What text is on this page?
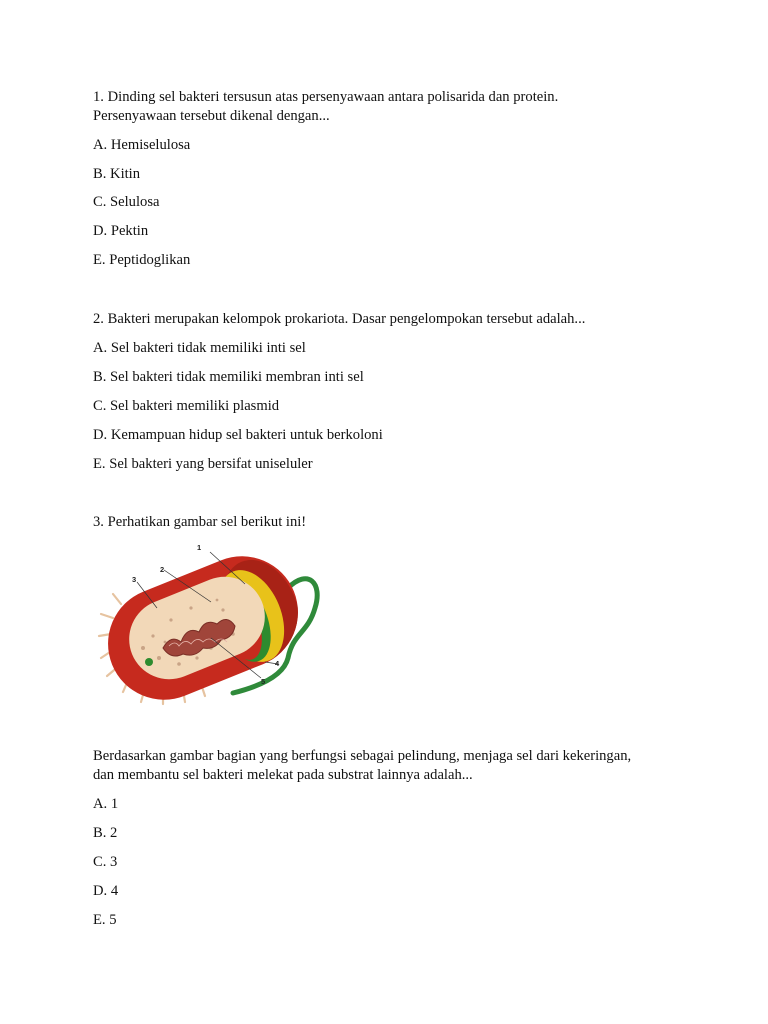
1. Dinding sel bakteri tersusun atas persenyawaan antara polisarida dan protein.
Persenyawaan tersebut dikenal dengan...
A. Hemiselulosa
B. Kitin
C. Selulosa
D. Pektin
E. Peptidoglikan
2. Bakteri merupakan kelompok prokariota. Dasar pengelompokan tersebut adalah...
A. Sel bakteri tidak memiliki inti sel
B. Sel bakteri tidak memiliki membran inti sel
C. Sel bakteri memiliki plasmid
D. Kemampuan hidup sel bakteri untuk berkoloni
E. Sel bakteri yang bersifat uniseluler
3. Perhatikan gambar sel berikut ini!
1
2
3
4
5
Berdasarkan gambar bagian yang berfungsi sebagai pelindung, menjaga sel dari kekeringan,
dan membantu sel bakteri melekat pada substrat lainnya adalah...
A. 1
B. 2
C. 3
D. 4
E. 5
